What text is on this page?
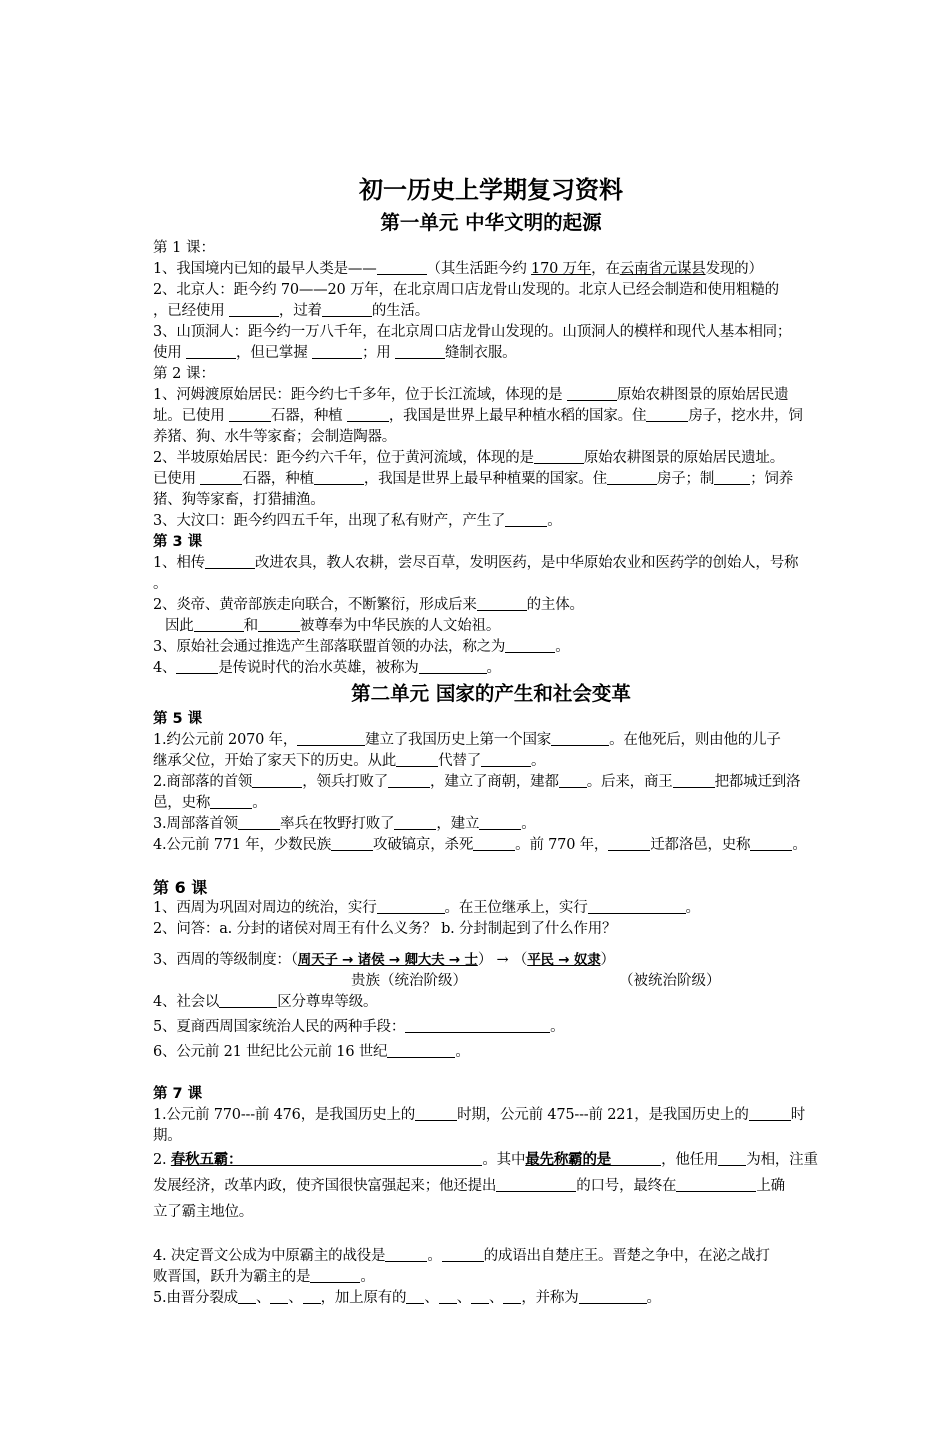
初一历史上学期复习资料

第一单元 中华文明的起源

第 1 课：

1、我国境内已知的最早人类是——	（其生活距今约 170 万年，在云南省元谋县发现的）

2、北京人：距今约 70——20 万年，在北京周口店龙骨山发现的。北京人已经会制造和使用粗糙的
，已经使用	，过着	的生活。

3、山顶洞人：距今约一万八千年，在北京周口店龙骨山发现的。山顶洞人的模样和现代人基本相同；
使用	，但已掌握	；用	缝制衣服。

第 2 课：

1、河姆渡原始居民：距今约七千多年，位于长江流域，体现的是	原始农耕图景的原始居民遗
址。已使用	石器，种植	，我国是世界上最早种植水稻的国家。住	房子，挖水井，饲
养猪、狗、水牛等家畜；会制造陶器。

2、半坡原始居民：距今约六千年，位于黄河流域，体现的是	原始农耕图景的原始居民遗址。
已使用	石器，种植	，我国是世界上最早种植粟的国家。住	房子；制 ；饲养
猪、狗等家畜，打猎捕渔。

3、大汶口：距今约四五千年，出现了私有财产，产生了	。

第 3 课

1、相传	改进农具，教人农耕，尝尽百草，发明医药，是中华原始农业和医药学的创始人，号称
。

2、炎帝、黄帝部族走向联合，不断繁衍，形成后来	的主体。

因此	和	被尊奉为中华民族的人文始祖。

3、原始社会通过推选产生部落联盟首领的办法，称之为	。

4、	是传说时代的治水英雄，被称为	。

第二单元 国家的产生和社会变革

第 5 课

1.约公元前 2070 年，	建立了我国历史上第一个国家	。在他死后，则由他的儿子
继承父位，开始了家天下的历史。从此	代替了	。

2.商部落的首领	，领兵打败了	，建立了商朝，建都 。后来，商王	把都城迁到洛
邑，史称	。

3.周部落首领	率兵在牧野打败了	，建立	。

4.公元前 771 年，少数民族	攻破镐京，杀死	。前 770 年，	迁都洛邑，史称	。

第 6 课

1、西周为巩固对周边的统治，实行	。在王位继承上，实行	。

2、问答：a. 分封的诸侯对周王有什么义务？ b. 分封制起到了什么作用？

3、西周的等级制度：（周天子 → 诸侯 → 卿大夫 → 士） → （平民 → 奴隶）

贵族（统治阶级）	（被统治阶级）

4、社会以	区分尊卑等级。

5、夏商西周国家统治人民的两种手段：	。

6、公元前 21 世纪比公元前 16 世纪	。

第 7 课

1.公元前 770---前 476，是我国历史上的	时期，公元前 475---前 221，是我国历史上的	时
期。

2. 春秋五霸：	。其中最先称霸的是	，他任用 为相，注重
发展经济，改革内政，使齐国很快富强起来；他还提出	的口号，最终在	上确
立了霸主地位。

4. 决定晋文公成为中原霸主的战役是	。	的成语出自楚庄王。晋楚之争中，在泌之战打
败晋国，跃升为霸主的是	。

5.由晋分裂成 、 、 ，加上原有的 、 、 、 ，并称为	。
